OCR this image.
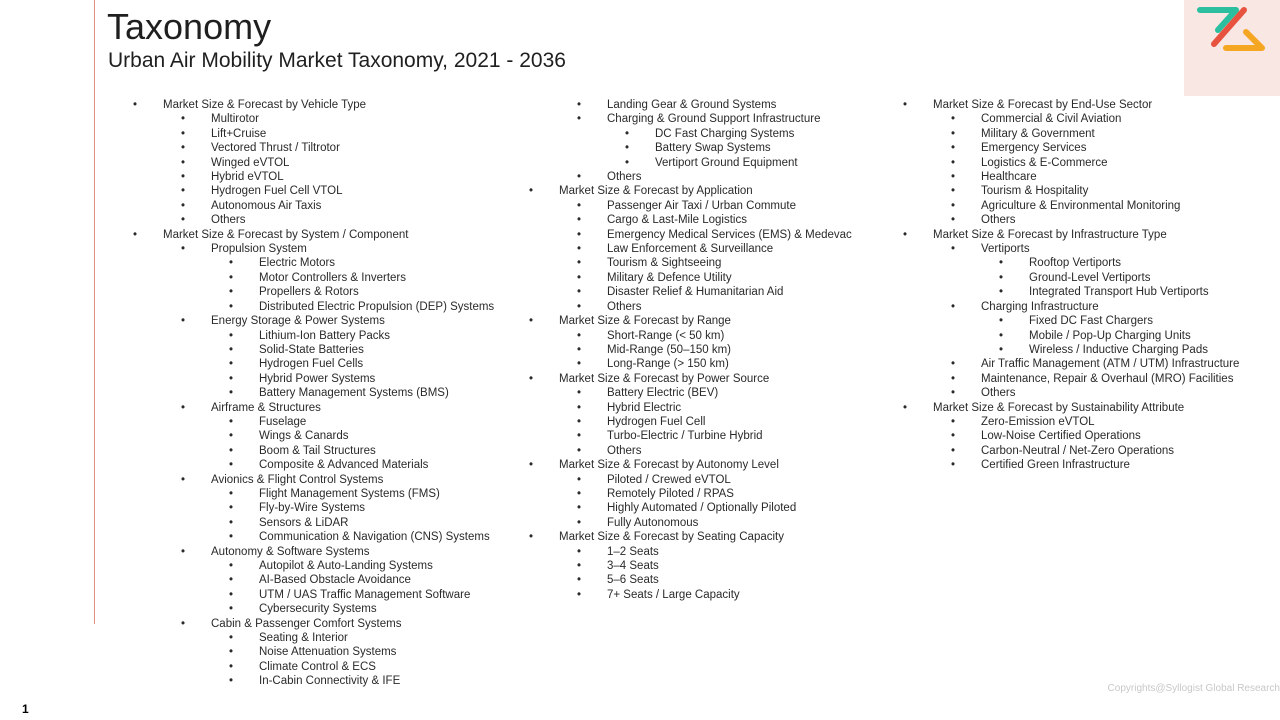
Taxonomy
Urban Air Mobility Market Taxonomy, 2021 - 2036
• Market Size & Forecast by Vehicle Type
• Multirotor
• Lift+Cruise
• Vectored Thrust / Tiltrotor
• Winged eVTOL
• Hybrid eVTOL
• Hydrogen Fuel Cell VTOL
• Autonomous Air Taxis
• Others
• Market Size & Forecast by System / Component
• Propulsion System
• Electric Motors
• Motor Controllers & Inverters
• Propellers & Rotors
• Distributed Electric Propulsion (DEP) Systems
• Energy Storage & Power Systems
• Lithium-Ion Battery Packs
• Solid-State Batteries
• Hydrogen Fuel Cells
• Hybrid Power Systems
• Battery Management Systems (BMS)
• Airframe & Structures
• Fuselage
• Wings & Canards
• Boom & Tail Structures
• Composite & Advanced Materials
• Avionics & Flight Control Systems
• Flight Management Systems (FMS)
• Fly-by-Wire Systems
• Sensors & LiDAR
• Communication & Navigation (CNS) Systems
• Autonomy & Software Systems
• Autopilot & Auto-Landing Systems
• AI-Based Obstacle Avoidance
• UTM / UAS Traffic Management Software
• Cybersecurity Systems
• Cabin & Passenger Comfort Systems
• Seating & Interior
• Noise Attenuation Systems
• Climate Control & ECS
• In-Cabin Connectivity & IFE
• Landing Gear & Ground Systems
• Charging & Ground Support Infrastructure
• DC Fast Charging Systems
• Battery Swap Systems
• Vertiport Ground Equipment
• Others
• Market Size & Forecast by Application
• Passenger Air Taxi / Urban Commute
• Cargo & Last-Mile Logistics
• Emergency Medical Services (EMS) & Medevac
• Law Enforcement & Surveillance
• Tourism & Sightseeing
• Military & Defence Utility
• Disaster Relief & Humanitarian Aid
• Others
• Market Size & Forecast by Range
• Short-Range (< 50 km)
• Mid-Range (50–150 km)
• Long-Range (> 150 km)
• Market Size & Forecast by Power Source
• Battery Electric (BEV)
• Hybrid Electric
• Hydrogen Fuel Cell
• Turbo-Electric / Turbine Hybrid
• Others
• Market Size & Forecast by Autonomy Level
• Piloted / Crewed eVTOL
• Remotely Piloted / RPAS
• Highly Automated / Optionally Piloted
• Fully Autonomous
• Market Size & Forecast by Seating Capacity
• 1–2 Seats
• 3–4 Seats
• 5–6 Seats
• 7+ Seats / Large Capacity
• Market Size & Forecast by End-Use Sector
• Commercial & Civil Aviation
• Military & Government
• Emergency Services
• Logistics & E-Commerce
• Healthcare
• Tourism & Hospitality
• Agriculture & Environmental Monitoring
• Others
• Market Size & Forecast by Infrastructure Type
• Vertiports
• Rooftop Vertiports
• Ground-Level Vertiports
• Integrated Transport Hub Vertiports
• Charging Infrastructure
• Fixed DC Fast Chargers
• Mobile / Pop-Up Charging Units
• Wireless / Inductive Charging Pads
• Air Traffic Management (ATM / UTM) Infrastructure
• Maintenance, Repair & Overhaul (MRO) Facilities
• Others
• Market Size & Forecast by Sustainability Attribute
• Zero-Emission eVTOL
• Low-Noise Certified Operations
• Carbon-Neutral / Net-Zero Operations
• Certified Green Infrastructure
1
Copyrights@Syllogist Global Research
